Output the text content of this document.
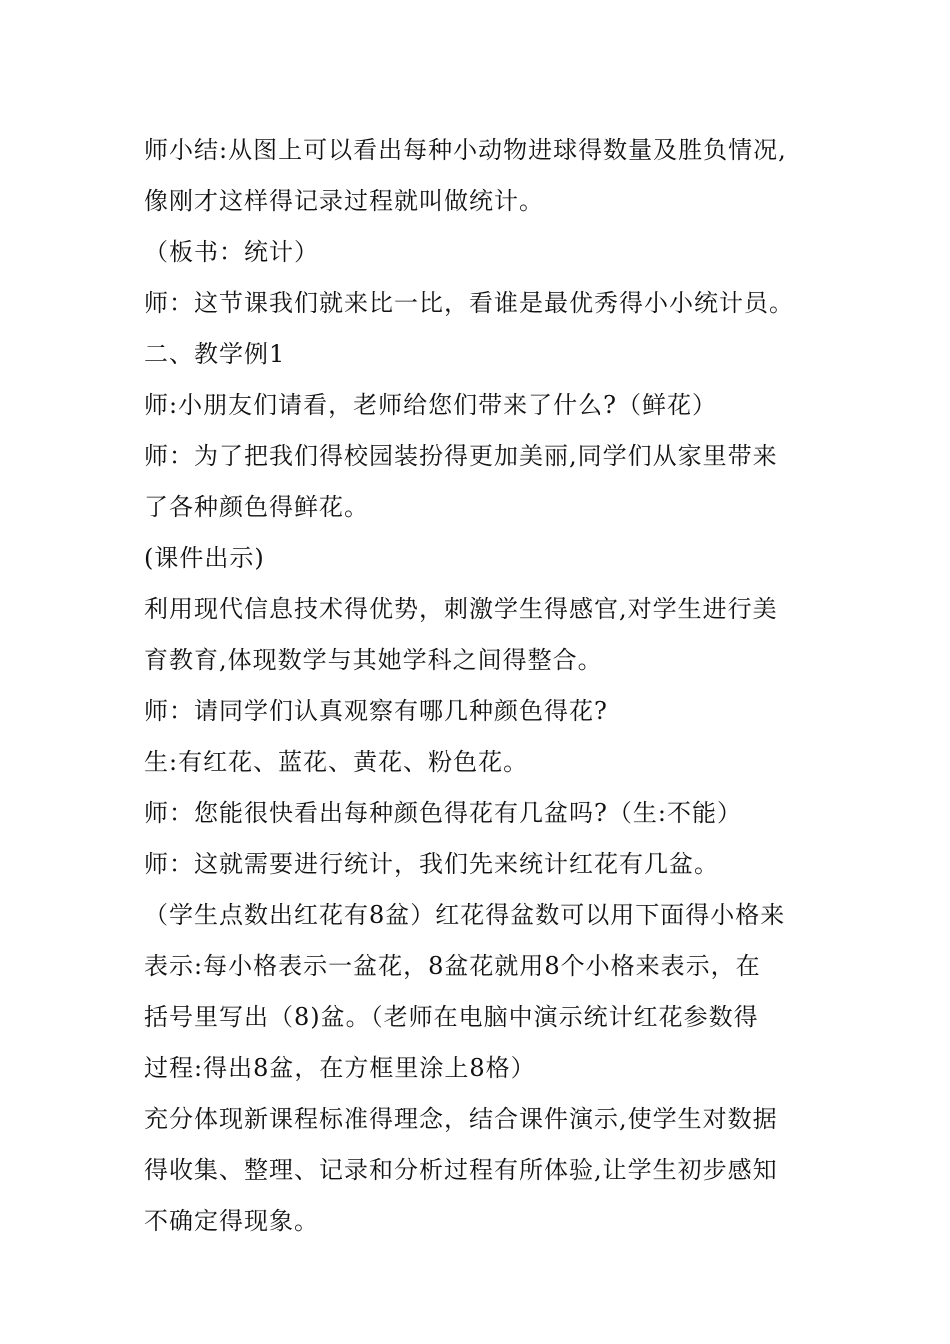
师小结:从图上可以看出每种小动物进球得数量及胜负情况,
像刚才这样得记录过程就叫做统计。
（板书：统计）
师：这节课我们就来比一比，看谁是最优秀得小小统计员。
二、教学例1
师:小朋友们请看，老师给您们带来了什么?（鲜花）
师：为了把我们得校园装扮得更加美丽,同学们从家里带来
了各种颜色得鲜花。
(课件出示)
利用现代信息技术得优势，刺激学生得感官,对学生进行美
育教育,体现数学与其她学科之间得整合。
师：请同学们认真观察有哪几种颜色得花?
生:有红花、蓝花、黄花、粉色花。
师：您能很快看出每种颜色得花有几盆吗?（生:不能）
师：这就需要进行统计，我们先来统计红花有几盆。
（学生点数出红花有8盆）红花得盆数可以用下面得小格来
表示:每小格表示一盆花，8盆花就用8个小格来表示，在
括号里写出（8)盆。（老师在电脑中演示统计红花参数得
过程:得出8盆，在方框里涂上8格）
充分体现新课程标准得理念，结合课件演示,使学生对数据
得收集、整理、记录和分析过程有所体验,让学生初步感知
不确定得现象。
